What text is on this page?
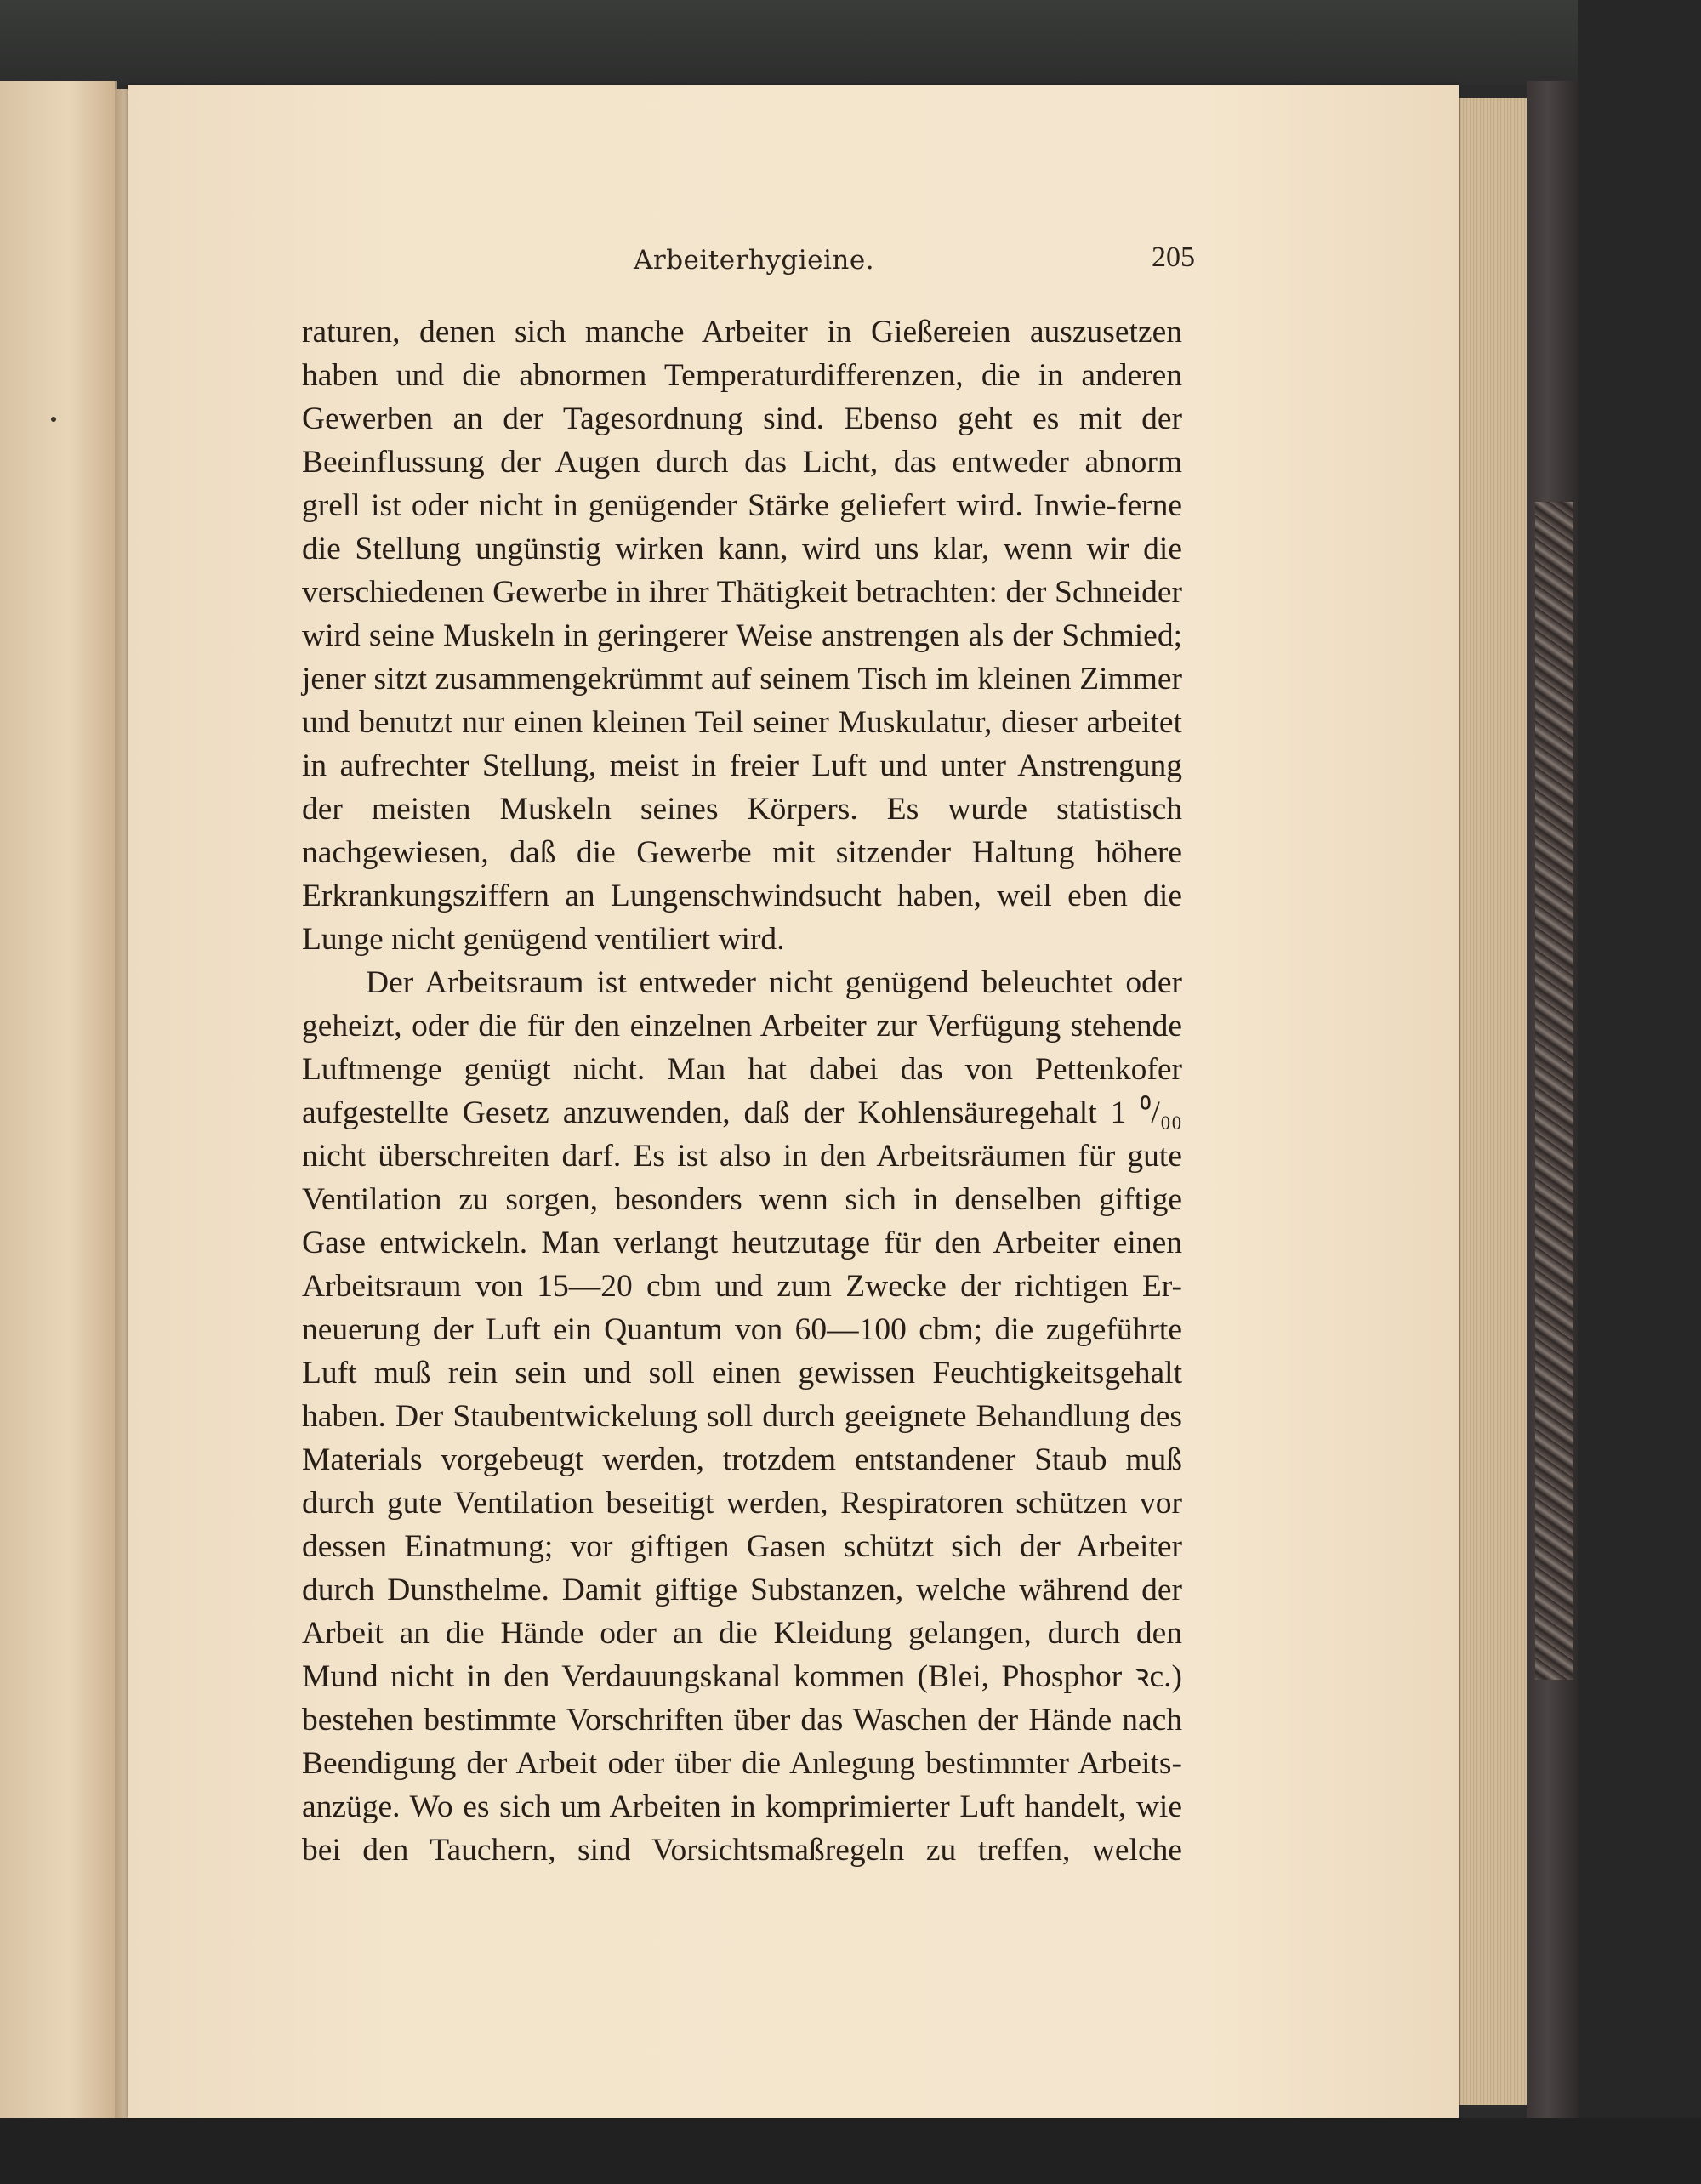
Arbeiterhygieine.	205

raturen, denen sich manche Arbeiter in Gießereien auszusetzen haben und die abnormen Temperaturdifferenzen, die in anderen Gewerben an der Tagesordnung sind. Ebenso geht es mit der Beeinflussung der Augen durch das Licht, das entweder abnorm grell ist oder nicht in genügender Stärke geliefert wird. Inwie-ferne die Stellung ungünstig wirken kann, wird uns klar, wenn wir die verschiedenen Gewerbe in ihrer Thätigkeit betrachten: der Schneider wird seine Muskeln in geringerer Weise anstrengen als der Schmied; jener sitzt zusammengekrümmt auf seinem Tisch im kleinen Zimmer und benutzt nur einen kleinen Teil seiner Muskulatur, dieser arbeitet in aufrechter Stellung, meist in freier Luft und unter Anstrengung der meisten Muskeln seines Körpers. Es wurde statistisch nachgewiesen, daß die Gewerbe mit sitzender Haltung höhere Erkrankungsziffern an Lungenschwindsucht haben, weil eben die Lunge nicht genügend ventiliert wird.

Der Arbeitsraum ist entweder nicht genügend beleuchtet oder geheizt, oder die für den einzelnen Arbeiter zur Verfügung stehende Luftmenge genügt nicht. Man hat dabei das von Pettenkofer aufgestellte Gesetz anzuwenden, daß der Kohlensäuregehalt 1 ⁰/₀₀ nicht überschreiten darf. Es ist also in den Arbeitsräumen für gute Ventilation zu sorgen, besonders wenn sich in denselben giftige Gase entwickeln. Man verlangt heutzutage für den Arbeiter einen Arbeitsraum von 15—20 cbm und zum Zwecke der richtigen Er-neuerung der Luft ein Quantum von 60—100 cbm; die zugeführte Luft muß rein sein und soll einen gewissen Feuchtigkeitsgehalt haben. Der Staubentwickelung soll durch geeignete Behandlung des Materials vorgebeugt werden, trotzdem entstandener Staub muß durch gute Ventilation beseitigt werden, Respiratoren schützen vor dessen Einatmung; vor giftigen Gasen schützt sich der Arbeiter durch Dunsthelme. Damit giftige Substanzen, welche während der Arbeit an die Hände oder an die Kleidung gelangen, durch den Mund nicht in den Verdauungskanal kommen (Blei, Phosphor ꝛc.) bestehen bestimmte Vorschriften über das Waschen der Hände nach Beendigung der Arbeit oder über die Anlegung bestimmter Arbeits-anzüge. Wo es sich um Arbeiten in komprimierter Luft handelt, wie bei den Tauchern, sind Vorsichtsmaßregeln zu treffen, welche
